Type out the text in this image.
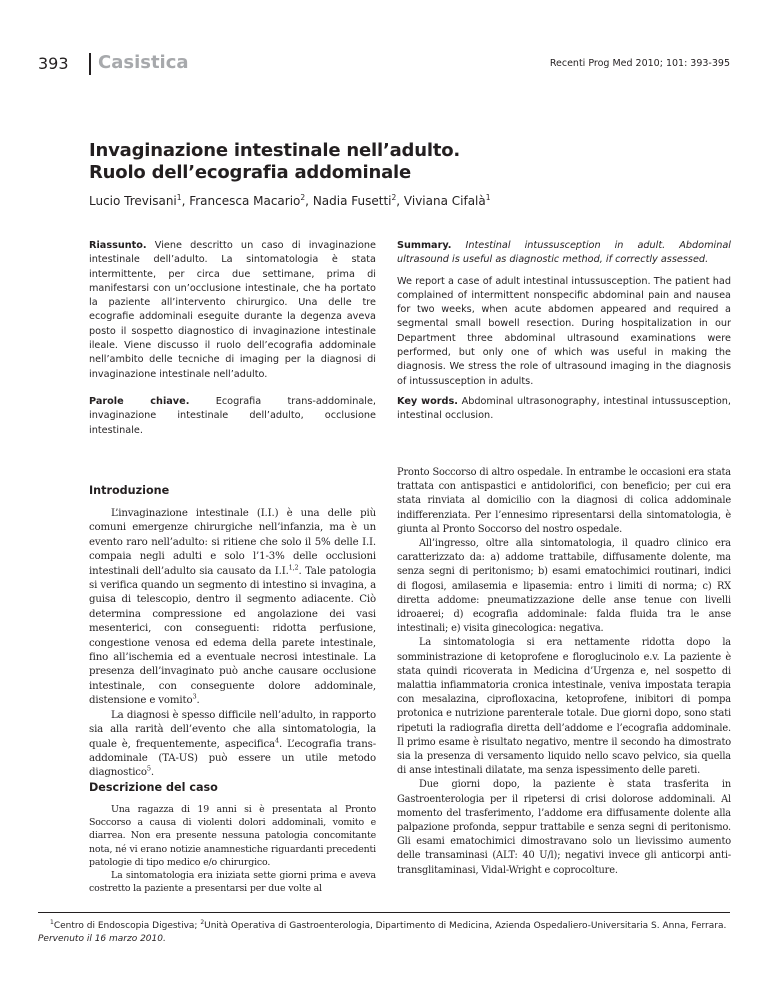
393 Casistica	Recenti Prog Med 2010; 101: 393-395
Invaginazione intestinale nell’adulto.
Ruolo dell’ecografia addominale
Lucio Trevisani$^1$, Francesca Macario$^2$, Nadia Fusetti$^2$, Viviana Cifalà$^1$
Riassunto. Viene descritto un caso di invaginazione intestinale dell’adulto. La sintomatologia è stata intermittente, per circa due settimane, prima di manifestarsi con un’occlusione intestinale, che ha portato la paziente all’intervento chirurgico. Una delle tre ecografie addominali eseguite durante la degenza aveva posto il sospetto diagnostico di invaginazione intestinale ileale. Viene discusso il ruolo dell’ecografia addominale nell’ambito delle tecniche di imaging per la diagnosi di invaginazione intestinale nell’adulto.
Parole chiave.	Ecografia trans-addominale, invaginazione intestinale dell’adulto, occlusione intestinale.
Summary. Intestinal intussusception in adult. Abdominal ultrasound is useful as diagnostic method, if correctly assessed.
We report a case of adult intestinal intussusception. The patient had complained of intermittent nonspecific abdominal pain and nausea for two weeks, when acute abdomen appeared and required a segmental small bowell resection. During hospitalization in our Department three abdominal ultrasound examinations were performed, but only one of which was useful in making the diagnosis. We stress the role of ultrasound imaging in the diagnosis of intussusception in adults.
Key words. Abdominal ultrasonography, intestinal intussusception, intestinal occlusion.
Introduzione

L’invaginazione intestinale (I.I.) è una delle più comuni emergenze chirurgiche nell’infanzia, ma è un evento raro nell’adulto: si ritiene che solo il 5% delle I.I. compaia negli adulti e solo l’1-3% delle occlusioni intestinali dell’adulto sia causato da I.I.$^{1,2}$. Tale patologia si verifica quando un segmento di intestino si invagina, a guisa di telescopio, dentro il segmento adiacente. Ciò determina compressione ed angolazione dei vasi mesenterici, con conseguenti: ridotta perfusione, congestione venosa ed edema della parete intestinale, fino all’ischemia ed a eventuale necrosi intestinale. La presenza dell’invaginato può anche causare occlusione intestinale, con conseguente dolore addominale, distensione e vomito$^3$.

La diagnosi è spesso difficile nell’adulto, in rapporto sia alla rarità dell’evento che alla sintomatologia, la quale è, frequentemente, aspecifica$^4$. L’ecografia trans-addominale (TA-US) può essere un utile metodo diagnostico$^5$.

Descrizione del caso

Una ragazza di 19 anni si è presentata al Pronto Soccorso a causa di violenti dolori addominali, vomito e diarrea. Non era presente nessuna patologia concomitante nota, né vi erano notizie anamnestiche riguardanti precedenti patologie di tipo medico e/o chirurgico.

La sintomatologia era iniziata sette giorni prima e aveva costretto la paziente a presentarsi per due volte al

Pronto Soccorso di altro ospedale. In entrambe le occasioni era stata trattata con antispastici e antidolorifici, con beneficio; per cui era stata rinviata al domicilio con la diagnosi di colica addominale indifferenziata. Per l’ennesimo ripresentarsi della sintomatologia, è giunta al Pronto Soccorso del nostro ospedale.

All’ingresso, oltre alla sintomatologia, il quadro clinico era caratterizzato da: a) addome trattabile, diffusamente dolente, ma senza segni di peritonismo; b) esami ematochimici routinari, indici di flogosi, amilasemia e lipasemia: entro i limiti di norma; c) RX diretta addome: pneumatizzazione delle anse tenue con livelli idroaerei; d) ecografia addominale: falda fluida tra le anse intestinali; e) visita ginecologica: negativa.

La sintomatologia si era nettamente ridotta dopo la somministrazione di ketoprofene e floroglucinolo e.v. La paziente è stata quindi ricoverata in Medicina d’Urgenza e, nel sospetto di malattia infiammatoria cronica intestinale, veniva impostata terapia con mesalazina, ciprofloxacina, ketoprofene, inibitori di pompa protonica e nutrizione parenterale totale. Due giorni dopo, sono stati ripetuti la radiografia diretta dell’addome e l’ecografia addominale. Il primo esame è risultato negativo, mentre il secondo ha dimostrato sia la presenza di versamento liquido nello scavo pelvico, sia quella di anse intestinali dilatate, ma senza ispessimento delle pareti.

Due giorni dopo, la paziente è stata trasferita in Gastroenterologia per il ripetersi di crisi dolorose addominali. Al momento del trasferimento, l’addome era diffusamente dolente alla palpazione profonda, seppur trattabile e senza segni di peritonismo. Gli esami ematochimici dimostravano solo un lievissimo aumento delle transaminasi (ALT: 40 U/l); negativi invece gli anticorpi anti-transglitaminasi, Vidal-Wright e coprocolture.

$^1$Centro di Endoscopia Digestiva; $^2$Unità Operativa di Gastroenterologia, Dipartimento di Medicina, Azienda Ospedaliero-Universitaria S. Anna, Ferrara.
Pervenuto il 16 marzo 2010.
